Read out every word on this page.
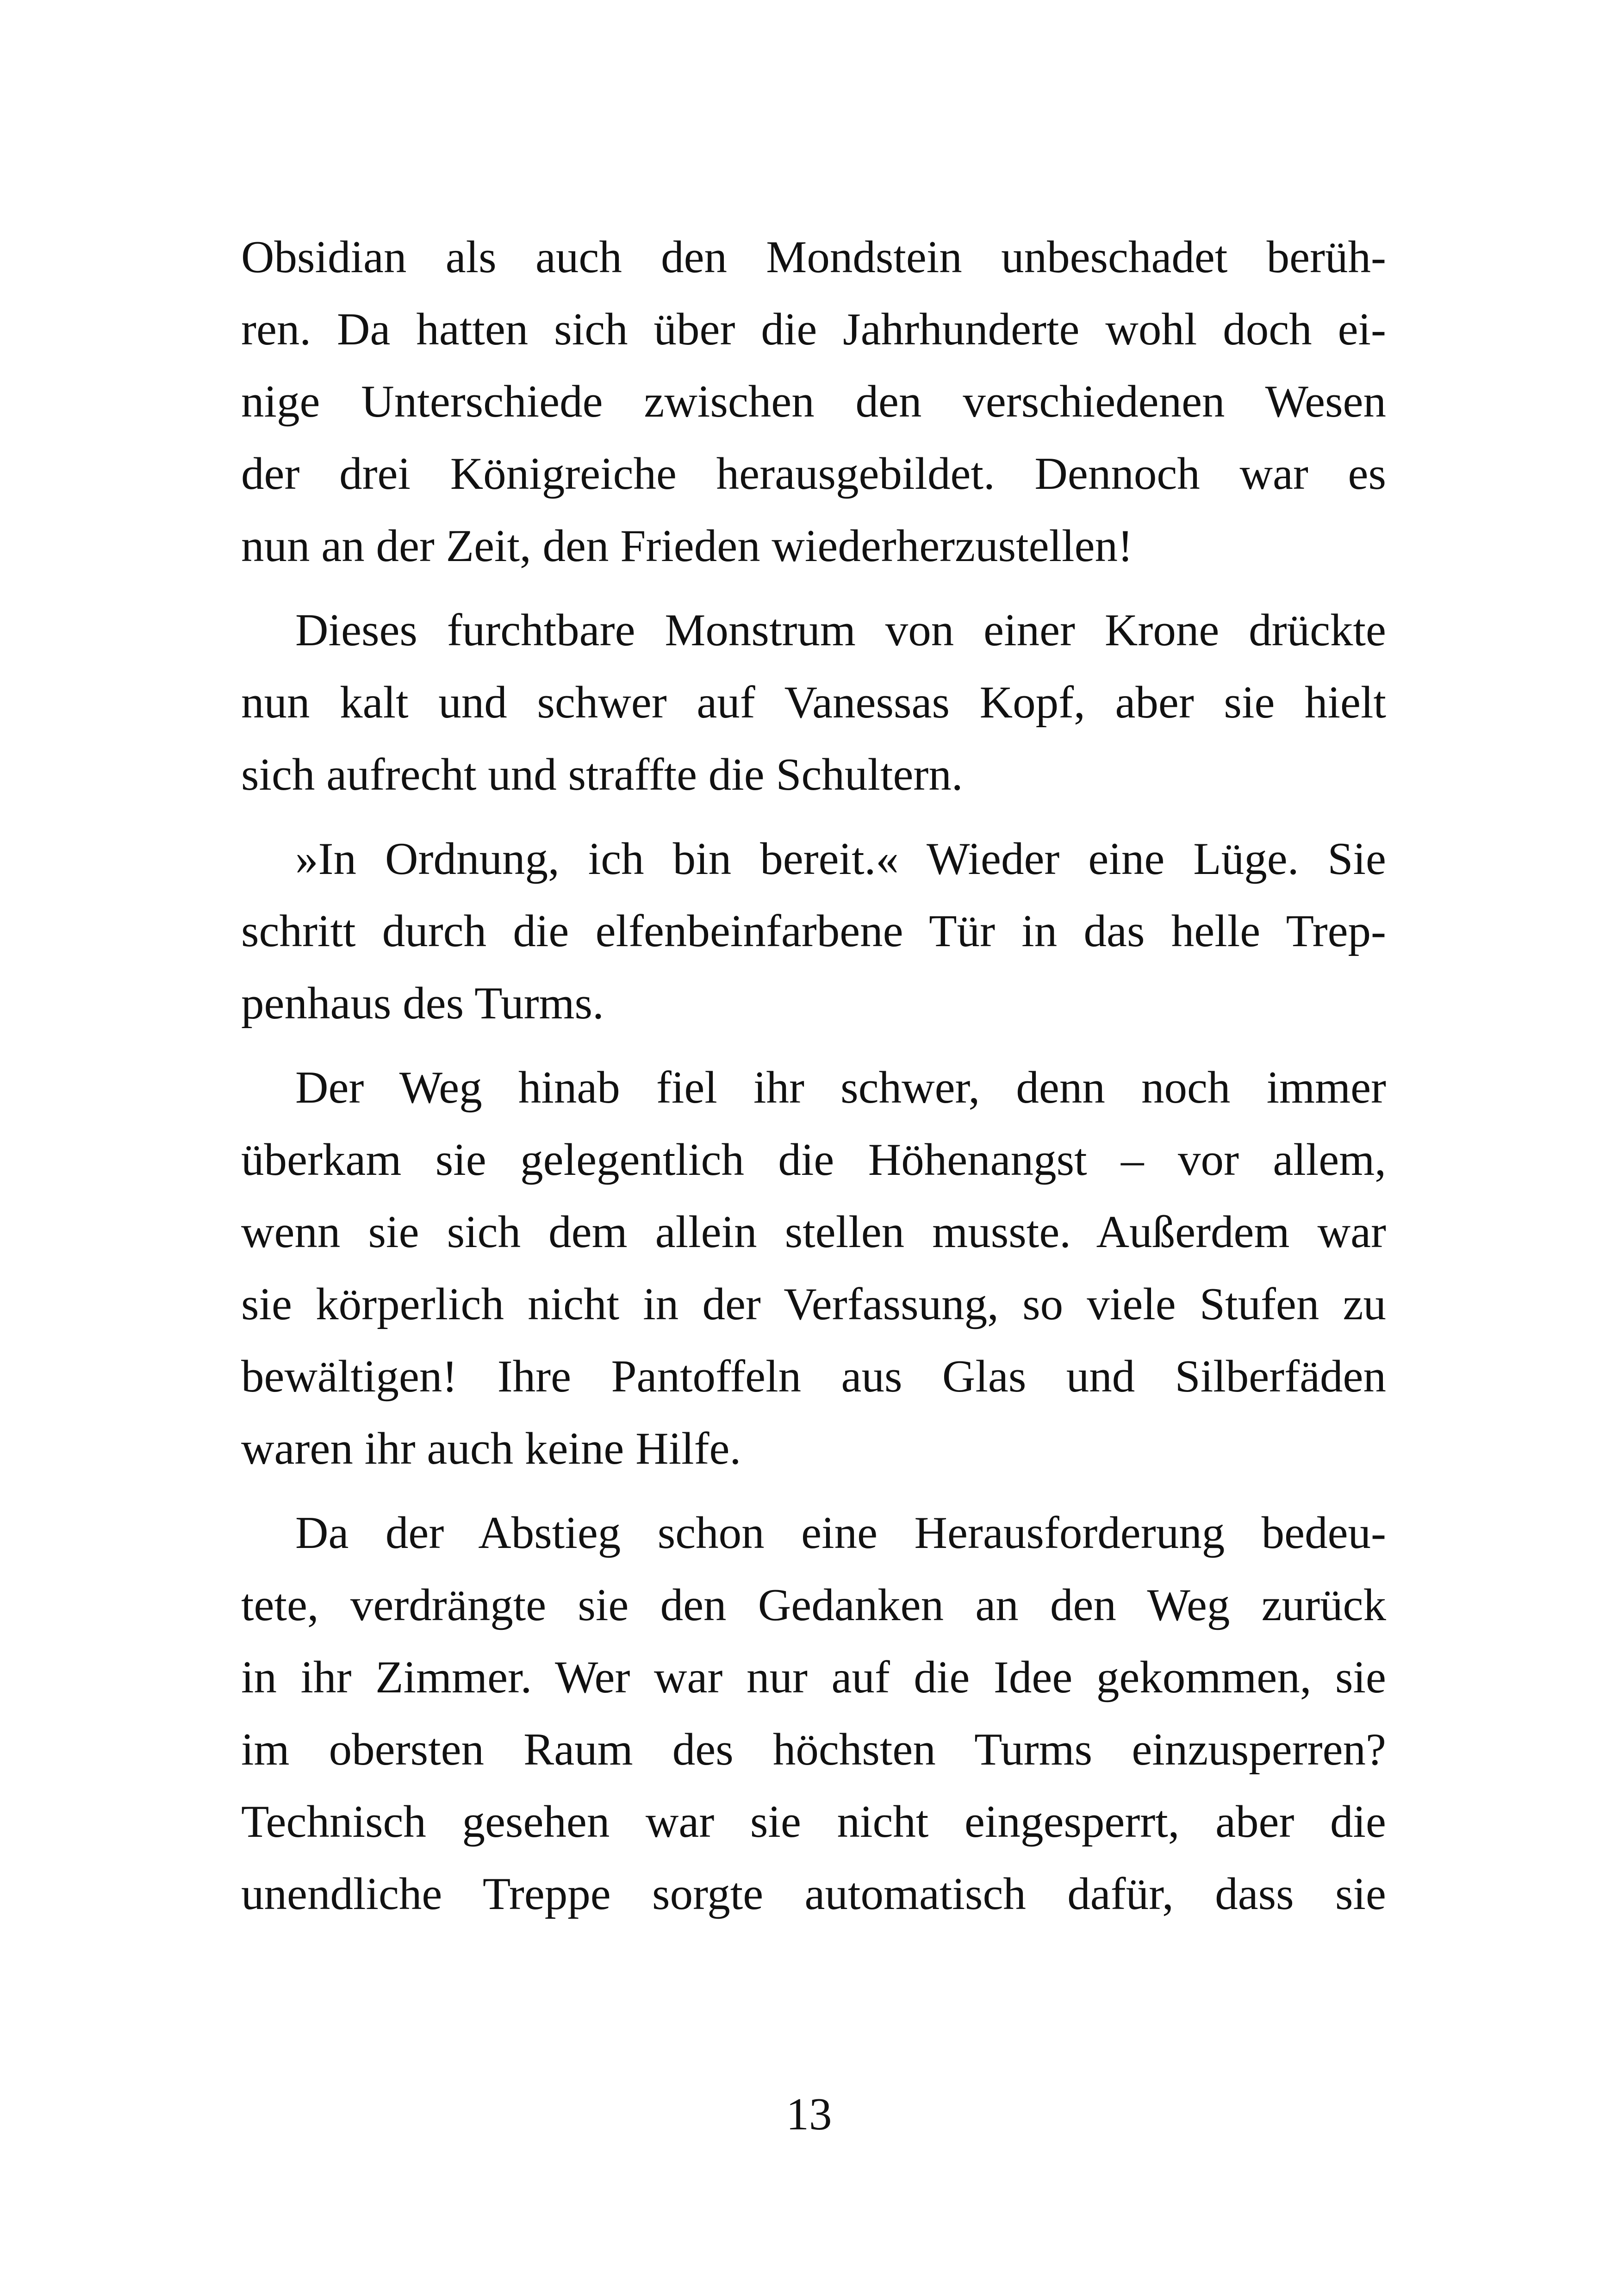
Obsidian als auch den Mondstein unbeschadet berüh-
ren. Da hatten sich über die Jahrhunderte wohl doch ei-
nige Unterschiede zwischen den verschiedenen Wesen
der drei Königreiche herausgebildet. Dennoch war es
nun an der Zeit, den Frieden wiederherzustellen!
Dieses furchtbare Monstrum von einer Krone drückte
nun kalt und schwer auf Vanessas Kopf, aber sie hielt
sich aufrecht und straffte die Schultern.
»In Ordnung, ich bin bereit.« Wieder eine Lüge. Sie
schritt durch die elfenbeinfarbene Tür in das helle Trep-
penhaus des Turms.
Der Weg hinab fiel ihr schwer, denn noch immer
überkam sie gelegentlich die Höhenangst – vor allem,
wenn sie sich dem allein stellen musste. Außerdem war
sie körperlich nicht in der Verfassung, so viele Stufen zu
bewältigen! Ihre Pantoffeln aus Glas und Silberfäden
waren ihr auch keine Hilfe.
Da der Abstieg schon eine Herausforderung bedeu-
tete, verdrängte sie den Gedanken an den Weg zurück
in ihr Zimmer. Wer war nur auf die Idee gekommen, sie
im obersten Raum des höchsten Turms einzusperren?
Technisch gesehen war sie nicht eingesperrt, aber die
unendliche Treppe sorgte automatisch dafür, dass sie
13
